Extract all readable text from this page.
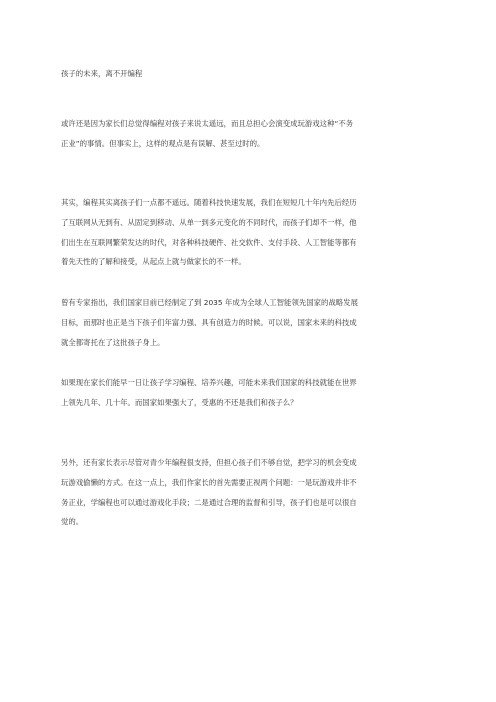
孩子的未来，离不开编程

或许还是因为家长们总觉得编程对孩子来说太遥远，而且总担心会演变成玩游戏这种“不务
正业”的事情。但事实上，这样的观点是有误解、甚至过时的。

其实，编程其实离孩子们一点都不遥远。随着科技快速发展，我们在短短几十年内先后经历
了互联网从无到有、从固定到移动、从单一到多元变化的不同时代，而孩子们却不一样，他
们出生在互联网繁荣发达的时代，对各种科技硬件、社交软件、支付手段、人工智能等都有
着先天性的了解和接受，从起点上就与做家长的不一样。

曾有专家指出，我们国家目前已经制定了到 2035 年成为全球人工智能领先国家的战略发展
目标，而那时也正是当下孩子们年富力强、具有创造力的时候。可以说，国家未来的科技成
就全都寄托在了这批孩子身上。

如果现在家长们能早一日让孩子学习编程、培养兴趣，可能未来我们国家的科技就能在世界
上领先几年、几十年。而国家如果强大了，受惠的不还是我们和孩子么？

另外，还有家长表示尽管对青少年编程很支持，但担心孩子们不够自觉，把学习的机会变成
玩游戏偷懒的方式。在这一点上，我们作家长的首先需要正视两个问题：一是玩游戏并非不
务正业，学编程也可以通过游戏化手段；二是通过合理的监督和引导，孩子们也是可以很自
觉的。
